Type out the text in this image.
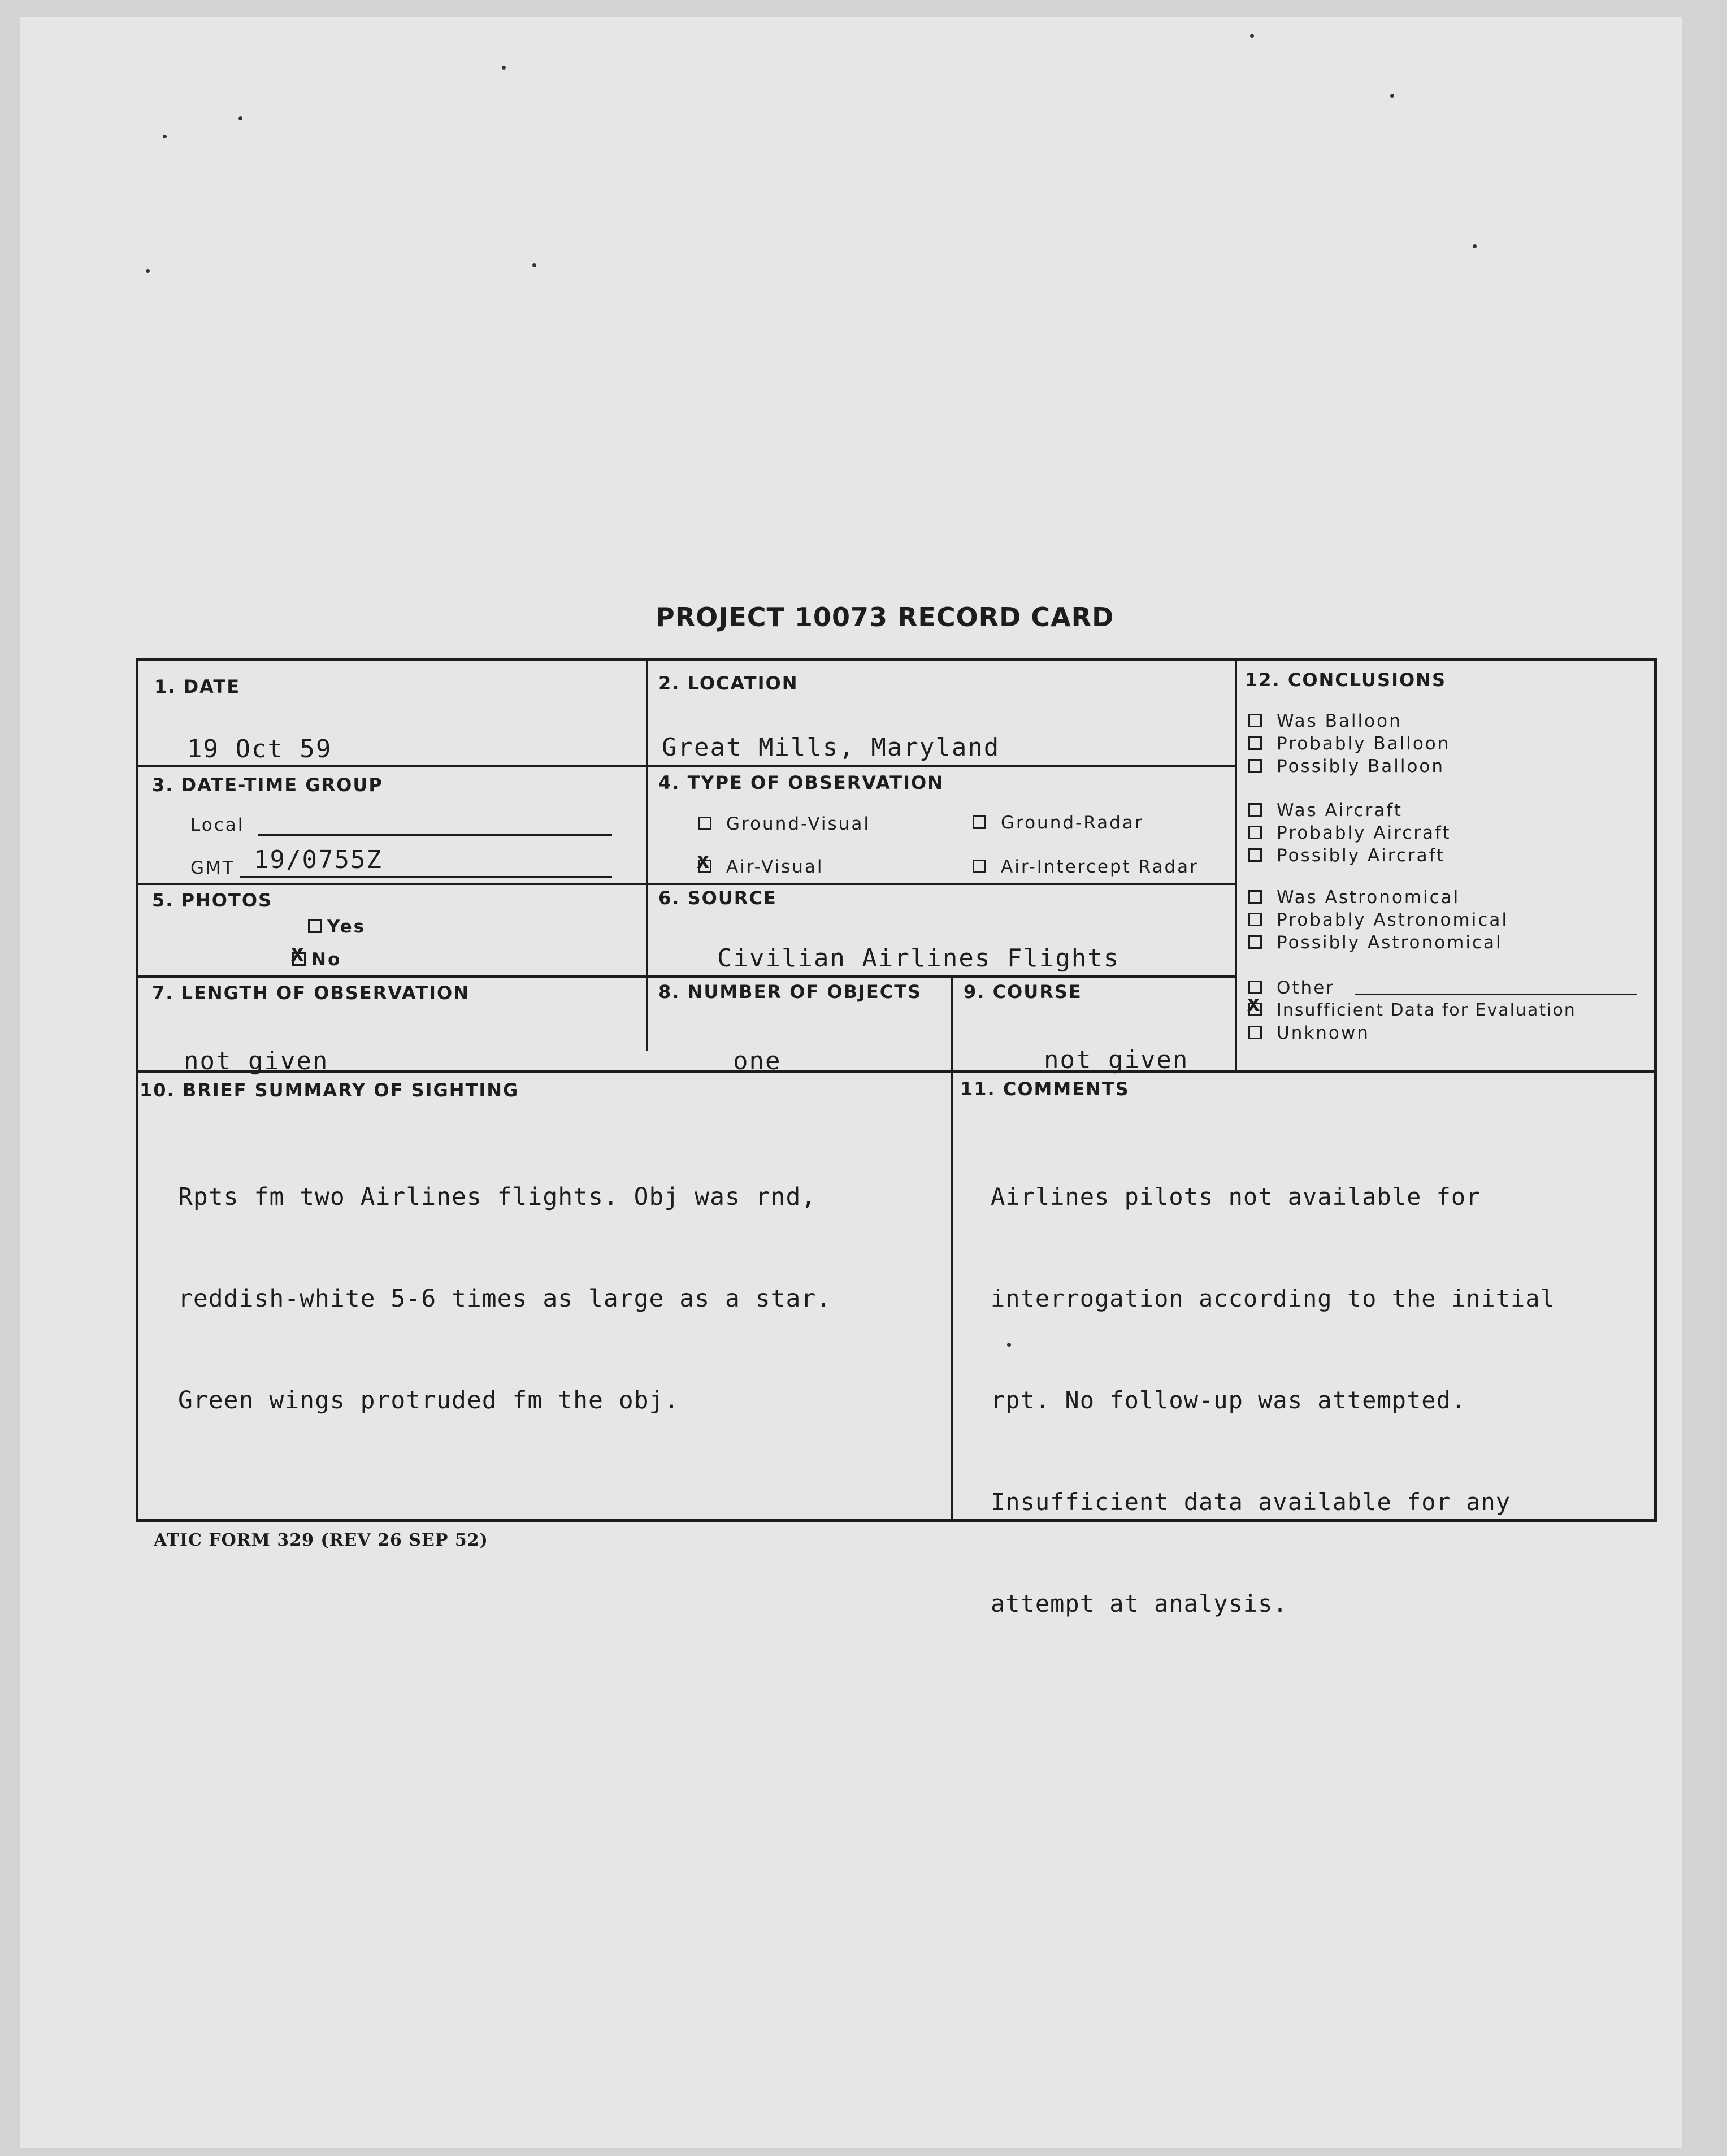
PROJECT 10073 RECORD CARD
1. DATE
19 Oct 59
2. LOCATION
Great Mills, Maryland
3. DATE-TIME GROUP
Local
GMT 19/0755Z
4. TYPE OF OBSERVATION
Ground-Visual	Ground-Radar
xAir-Visual	Air-Intercept Radar
5. PHOTOS
Yes
xNo
6. SOURCE
Civilian Airlines Flights
7. LENGTH OF OBSERVATION
not given
8. NUMBER OF OBJECTS
one
9. COURSE
not given
10. BRIEF SUMMARY OF SIGHTING

Rpts fm two Airlines flights. Obj was rnd,

reddish-white 5-6 times as large as a star.

Green wings protruded fm the obj.

11. COMMENTS

Airlines pilots not available for

interrogation according to the initial

rpt. No follow-up was attempted.

Insufficient data available for any

attempt at analysis.

12. CONCLUSIONS
Was Balloon
Probably Balloon
Possibly Balloon
Was Aircraft
Probably Aircraft
Possibly Aircraft
Was Astronomical
Probably Astronomical
Possibly Astronomical
Other
xInsufficient Data for Evaluation
Unknown
ATIC FORM 329 (REV 26 SEP 52)
